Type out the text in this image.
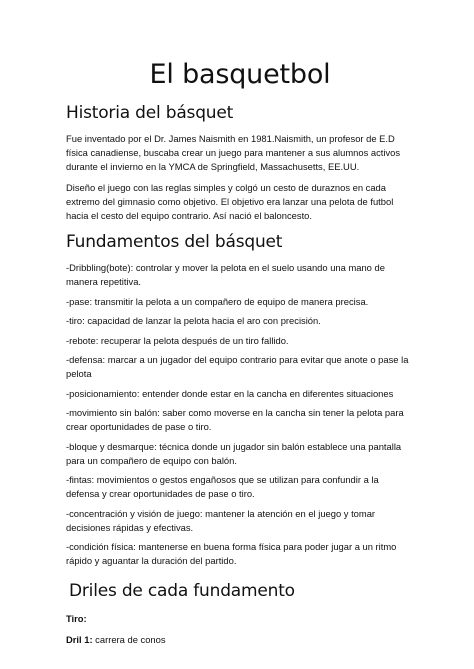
El basquetbol
Historia del básquet

Fue inventado por el Dr. James Naismith en 1981.Naismith, un profesor de E.D física canadiense, buscaba crear un juego para mantener a sus alumnos activos durante el invierno en la YMCA de Springfield, Massachusetts, EE.UU.

Diseño el juego con las reglas simples y colgó un cesto de duraznos en cada extremo del gimnasio como objetivo. El objetivo era lanzar una pelota de futbol hacia el cesto del equipo contrario. Así nació el baloncesto.

Fundamentos del básquet

-Dribbling(bote): controlar y mover la pelota en el suelo usando una mano de manera repetitiva.

-pase: transmitir la pelota a un compañero de equipo de manera precisa.

-tiro: capacidad de lanzar la pelota hacia el aro con precisión.

-rebote: recuperar la pelota después de un tiro fallido.

-defensa: marcar a un jugador del equipo contrario para evitar que anote o pase la pelota

-posicionamiento: entender donde estar en la cancha en diferentes situaciones

-movimiento sin balón: saber como moverse en la cancha sin tener la pelota para crear oportunidades de pase o tiro.

-bloque y desmarque: técnica donde un jugador sin balón establece una pantalla para un compañero de equipo con balón.

-fintas: movimientos o gestos engañosos que se utilizan para confundir a la defensa y crear oportunidades de pase o tiro.

-concentración y visión de juego: mantener la atención en el juego y tomar decisiones rápidas y efectivas.

-condición física: mantenerse en buena forma física para poder jugar a un ritmo rápido y aguantar la duración del partido.

Driles de cada fundamento

Tiro:

Dril 1: carrera de conos
